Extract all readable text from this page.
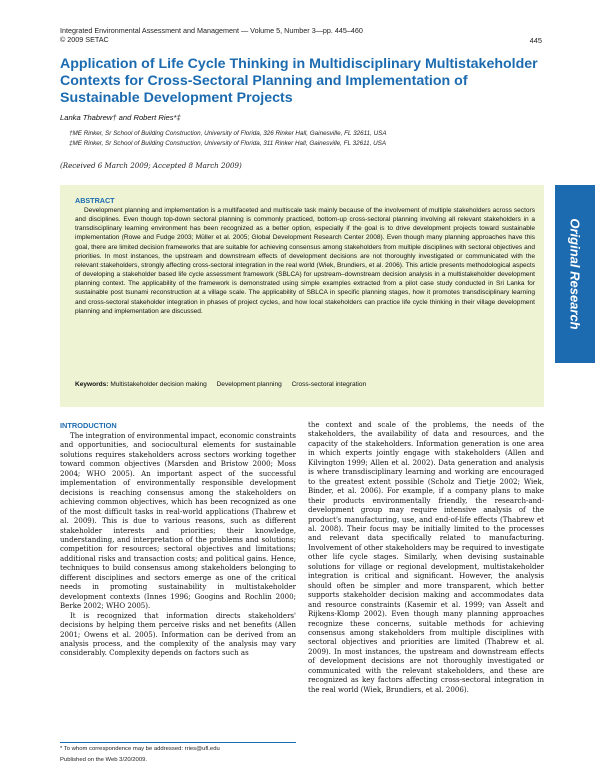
Integrated Environmental Assessment and Management — Volume 5, Number 3—pp. 445–460
© 2009 SETAC	445
Application of Life Cycle Thinking in Multidisciplinary Multistakeholder Contexts for Cross-Sectoral Planning and Implementation of Sustainable Development Projects
Lanka Thabrew† and Robert Ries*‡
†ME Rinker, Sr School of Building Construction, University of Florida, 326 Rinker Hall, Gainesville, FL 32611, USA
‡ME Rinker, Sr School of Building Construction, University of Florida, 311 Rinker Hall, Gainesville, FL 32611, USA
(Received 6 March 2009; Accepted 8 March 2009)
ABSTRACT
Development planning and implementation is a multifaceted and multiscale task mainly because of the involvement of multiple stakeholders across sectors and disciplines. Even though top-down sectoral planning is commonly practiced, bottom-up cross-sectoral planning involving all relevant stakeholders in a transdisciplinary learning environment has been recognized as a better option, especially if the goal is to drive development projects toward sustainable implementation (Rowe and Fudge 2003; Müller et al. 2005; Global Development Research Center 2008). Even though many planning approaches have this goal, there are limited decision frameworks that are suitable for achieving consensus among stakeholders from multiple disciplines with sectoral objectives and priorities. In most instances, the upstream and downstream effects of development decisions are not thoroughly investigated or communicated with the relevant stakeholders, strongly affecting cross-sectoral integration in the real world (Wiek, Brundiers, et al. 2006). This article presents methodological aspects of developing a stakeholder based life cycle assessment framework (SBLCA) for upstream–downstream decision analysis in a multistakeholder development planning context. The applicability of the framework is demonstrated using simple examples extracted from a pilot case study conducted in Sri Lanka for sustainable post tsunami reconstruction at a village scale. The applicability of SBLCA in specific planning stages, how it promotes transdisciplinary learning and cross-sectoral stakeholder integration in phases of project cycles, and how local stakeholders can practice life cycle thinking in their village development planning and implementation are discussed.
Keywords: Multistakeholder decision making Development planning Cross-sectoral integration
Original Research
INTRODUCTION

The integration of environmental impact, economic constraints and opportunities, and sociocultural elements for sustainable solutions requires stakeholders across sectors working together toward common objectives (Marsden and Bristow 2000; Moss 2004; WHO 2005). An important aspect of the successful implementation of environmentally responsible development decisions is reaching consensus among the stakeholders on achieving common objectives, which has been recognized as one of the most difficult tasks in real-world applications (Thabrew et al. 2009). This is due to various reasons, such as different stakeholder interests and priorities; their knowledge, understanding, and interpretation of the problems and solutions; competition for resources; sectoral objectives and limitations; additional risks and transaction costs; and political gains. Hence, techniques to build consensus among stakeholders belonging to different disciplines and sectors emerge as one of the critical needs in promoting sustainability in multistakeholder development contexts (Innes 1996; Googins and Rochlin 2000; Berke 2002; WHO 2005).

It is recognized that information directs stakeholders' decisions by helping them perceive risks and net benefits (Allen 2001; Owens et al. 2005). Information can be derived from an analysis process, and the complexity of the analysis may vary considerably. Complexity depends on factors such as

the context and scale of the problems, the needs of the stakeholders, the availability of data and resources, and the capacity of the stakeholders. Information generation is one area in which experts jointly engage with stakeholders (Allen and Kilvington 1999; Allen et al. 2002). Data generation and analysis is where transdisciplinary learning and working are encouraged to the greatest extent possible (Scholz and Tietje 2002; Wiek, Binder, et al. 2006). For example, if a company plans to make their products environmentally friendly, the research-and-development group may require intensive analysis of the product's manufacturing, use, and end-of-life effects (Thabrew et al. 2008). Their focus may be initially limited to the processes and relevant data specifically related to manufacturing. Involvement of other stakeholders may be required to investigate other life cycle stages. Similarly, when devising sustainable solutions for village or regional development, multistakeholder integration is critical and significant. However, the analysis should often be simpler and more transparent, which better supports stakeholder decision making and accommodates data and resource constraints (Kasemir et al. 1999; van Asselt and Rijkens-Klomp 2002). Even though many planning approaches recognize these concerns, suitable methods for achieving consensus among stakeholders from multiple disciplines with sectoral objectives and priorities are limited (Thabrew et al. 2009). In most instances, the upstream and downstream effects of development decisions are not thoroughly investigated or communicated with the relevant stakeholders, and these are recognized as key factors affecting cross-sectoral integration in the real world (Wiek, Brundiers, et al. 2006).

* To whom correspondence may be addressed: rries@ufl.edu
Published on the Web 3/20/2009.
